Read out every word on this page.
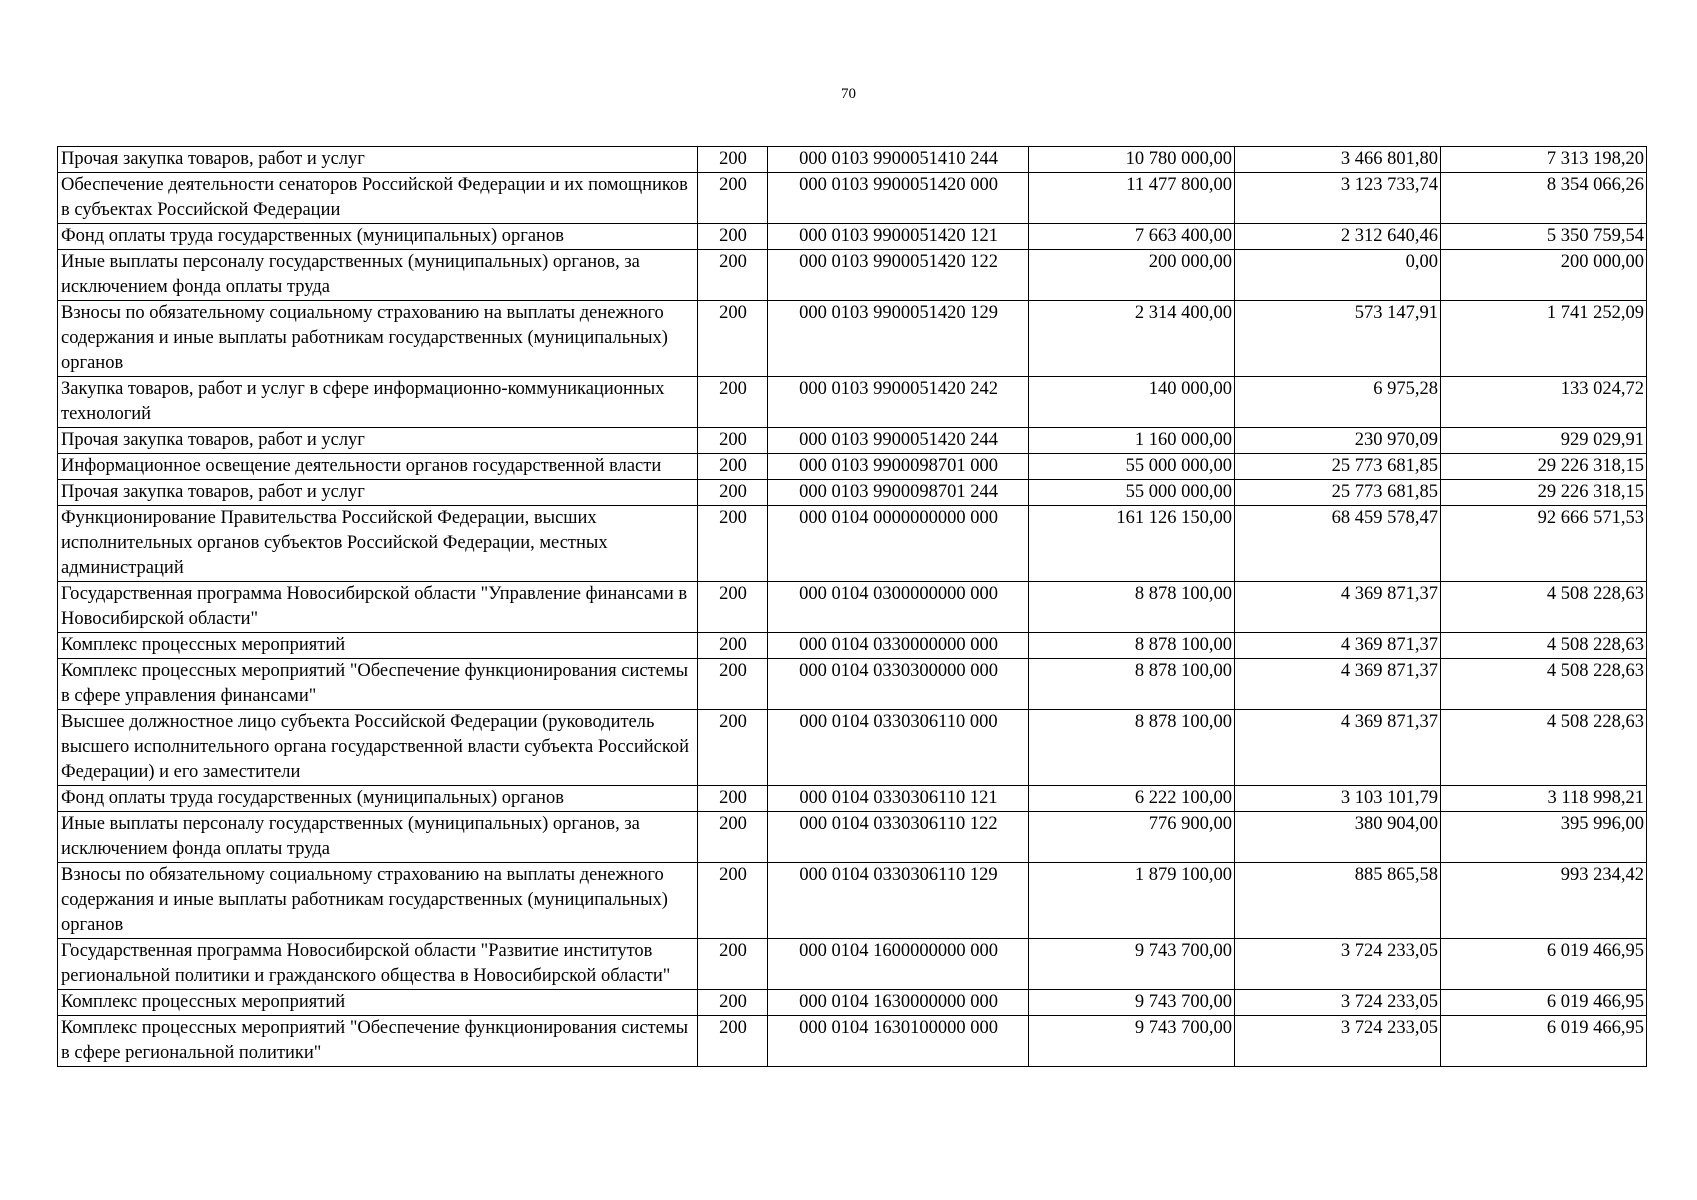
70
Прочая закупка товаров, работ и услуг	200	000 0103 9900051410 244	10 780 000,00	3 466 801,80	7 313 198,20
Обеспечение деятельности сенаторов Российской Федерации и их помощников в субъектах Российской Федерации	200	000 0103 9900051420 000	11 477 800,00	3 123 733,74	8 354 066,26
Фонд оплаты труда государственных (муниципальных) органов	200	000 0103 9900051420 121	7 663 400,00	2 312 640,46	5 350 759,54
Иные выплаты персоналу государственных (муниципальных) органов, за исключением фонда оплаты труда	200	000 0103 9900051420 122	200 000,00	0,00	200 000,00
Взносы по обязательному социальному страхованию на выплаты денежного содержания и иные выплаты работникам государственных (муниципальных) органов	200	000 0103 9900051420 129	2 314 400,00	573 147,91	1 741 252,09
Закупка товаров, работ и услуг в сфере информационно-коммуникационных технологий	200	000 0103 9900051420 242	140 000,00	6 975,28	133 024,72
Прочая закупка товаров, работ и услуг	200	000 0103 9900051420 244	1 160 000,00	230 970,09	929 029,91
Информационное освещение деятельности органов государственной власти	200	000 0103 9900098701 000	55 000 000,00	25 773 681,85	29 226 318,15
Прочая закупка товаров, работ и услуг	200	000 0103 9900098701 244	55 000 000,00	25 773 681,85	29 226 318,15
Функционирование Правительства Российской Федерации, высших исполнительных органов субъектов Российской Федерации, местных администраций	200	000 0104 0000000000 000	161 126 150,00	68 459 578,47	92 666 571,53
Государственная программа Новосибирской области "Управление финансами в Новосибирской области"	200	000 0104 0300000000 000	8 878 100,00	4 369 871,37	4 508 228,63
Комплекс процессных мероприятий	200	000 0104 0330000000 000	8 878 100,00	4 369 871,37	4 508 228,63
Комплекс процессных мероприятий "Обеспечение функционирования системы в сфере управления финансами"	200	000 0104 0330300000 000	8 878 100,00	4 369 871,37	4 508 228,63
Высшее должностное лицо субъекта Российской Федерации (руководитель высшего исполнительного органа государственной власти субъекта Российской Федерации) и его заместители	200	000 0104 0330306110 000	8 878 100,00	4 369 871,37	4 508 228,63
Фонд оплаты труда государственных (муниципальных) органов	200	000 0104 0330306110 121	6 222 100,00	3 103 101,79	3 118 998,21
Иные выплаты персоналу государственных (муниципальных) органов, за исключением фонда оплаты труда	200	000 0104 0330306110 122	776 900,00	380 904,00	395 996,00
Взносы по обязательному социальному страхованию на выплаты денежного содержания и иные выплаты работникам государственных (муниципальных) органов	200	000 0104 0330306110 129	1 879 100,00	885 865,58	993 234,42
Государственная программа Новосибирской области "Развитие институтов региональной политики и гражданского общества в Новосибирской области"	200	000 0104 1600000000 000	9 743 700,00	3 724 233,05	6 019 466,95
Комплекс процессных мероприятий	200	000 0104 1630000000 000	9 743 700,00	3 724 233,05	6 019 466,95
Комплекс процессных мероприятий "Обеспечение функционирования системы в сфере региональной политики"	200	000 0104 1630100000 000	9 743 700,00	3 724 233,05	6 019 466,95
